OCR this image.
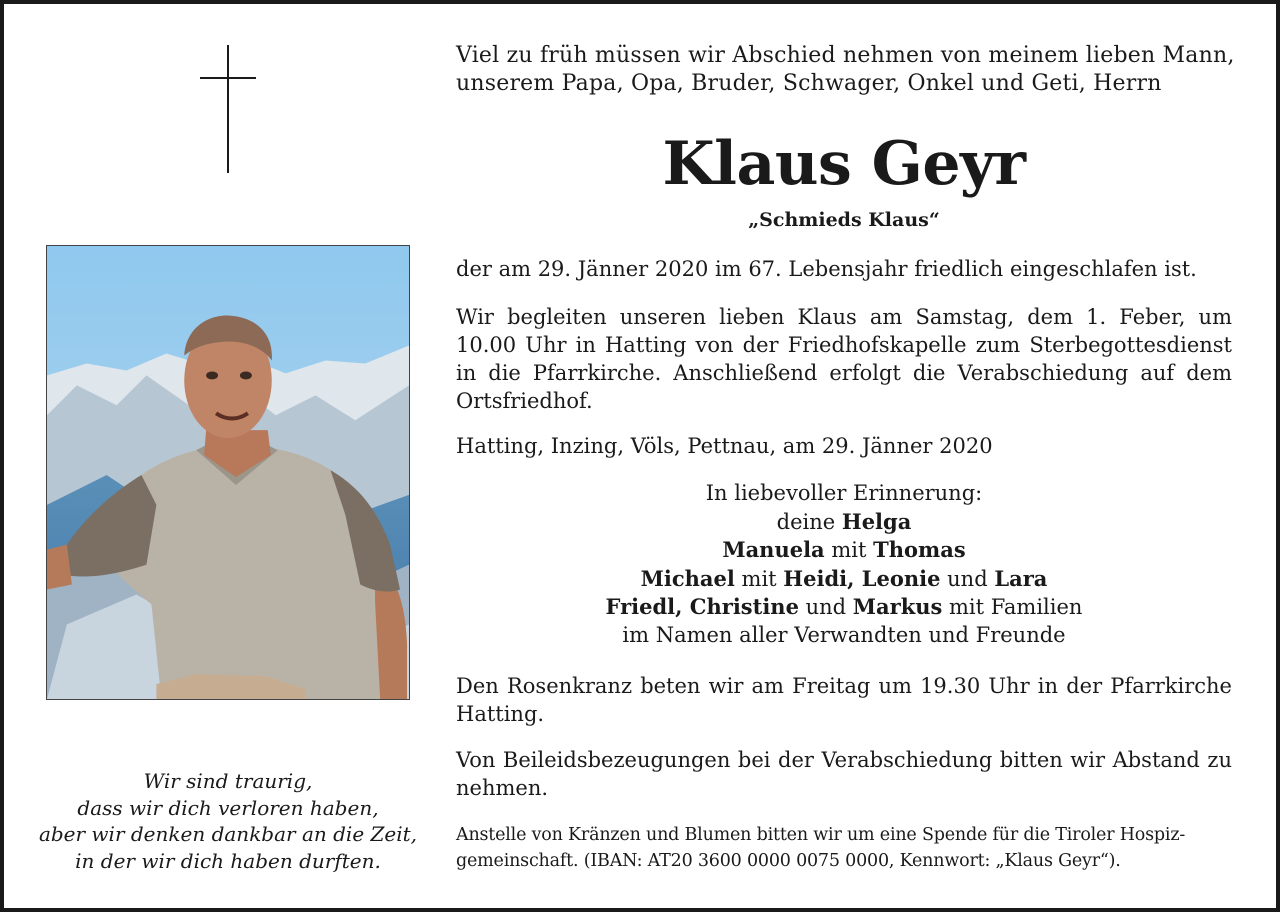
Wir sind traurig,
dass wir dich verloren haben,
aber wir denken dankbar an die Zeit,
in der wir dich haben durften.
Viel zu früh müssen wir Abschied nehmen von meinem lieben Mann,
unserem Papa, Opa, Bruder, Schwager, Onkel und Geti, Herrn
Klaus Geyr
„Schmieds Klaus“
der am 29. Jänner 2020 im 67. Lebensjahr friedlich eingeschlafen ist.
Wir begleiten unseren lieben Klaus am Samstag, dem 1. Feber, um 10.00 Uhr in Hatting von der Friedhofskapelle zum Sterbegottesdienst in die Pfarrkirche. Anschließend erfolgt die Verabschiedung auf dem Ortsfriedhof.
Hatting, Inzing, Völs, Pettnau, am 29. Jänner 2020
In liebevoller Erinnerung:
deine Helga
Manuela mit Thomas
Michael mit Heidi, Leonie und Lara
Friedl, Christine und Markus mit Familien
im Namen aller Verwandten und Freunde
Den Rosenkranz beten wir am Freitag um 19.30 Uhr in der Pfarrkirche Hatting.
Von Beileidsbezeugungen bei der Verabschiedung bitten wir Abstand zu nehmen.
Anstelle von Kränzen und Blumen bitten wir um eine Spende für die Tiroler Hospiz-
gemeinschaft. (IBAN: AT20 3600 0000 0075 0000, Kennwort: „Klaus Geyr“).
